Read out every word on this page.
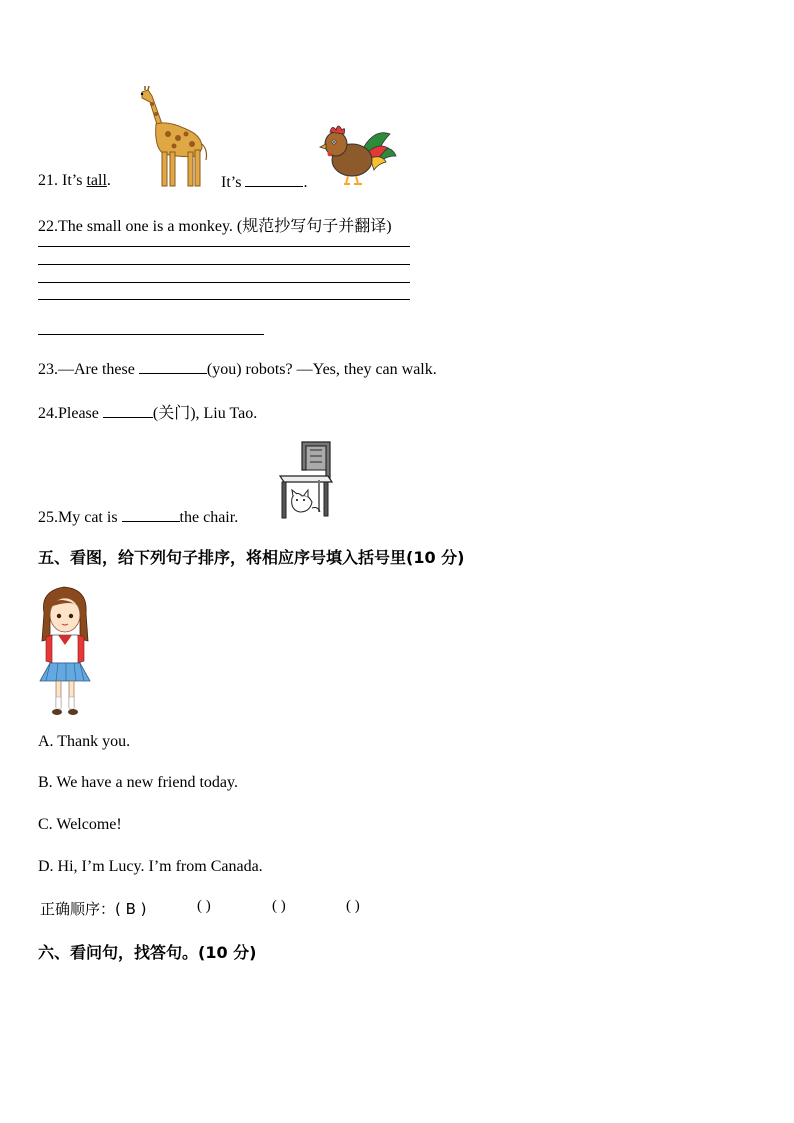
21. It’s tall.	It’s	.
22.The small one is a monkey. (规范抄写句子并翻译)
23.—Are these	(you) robots? —Yes, they can walk.
24.Please	(关门), Liu Tao.
25.My cat is	the chair.
五、看图，给下列句子排序，将相应序号填入括号里(10 分)
A. Thank you.
B. We have a new friend today.
C. Welcome!
D. Hi, I’m Lucy. I’m from Canada.
正确顺序：( B )	( )	( )	( )
六、看问句，找答句。(10 分)
